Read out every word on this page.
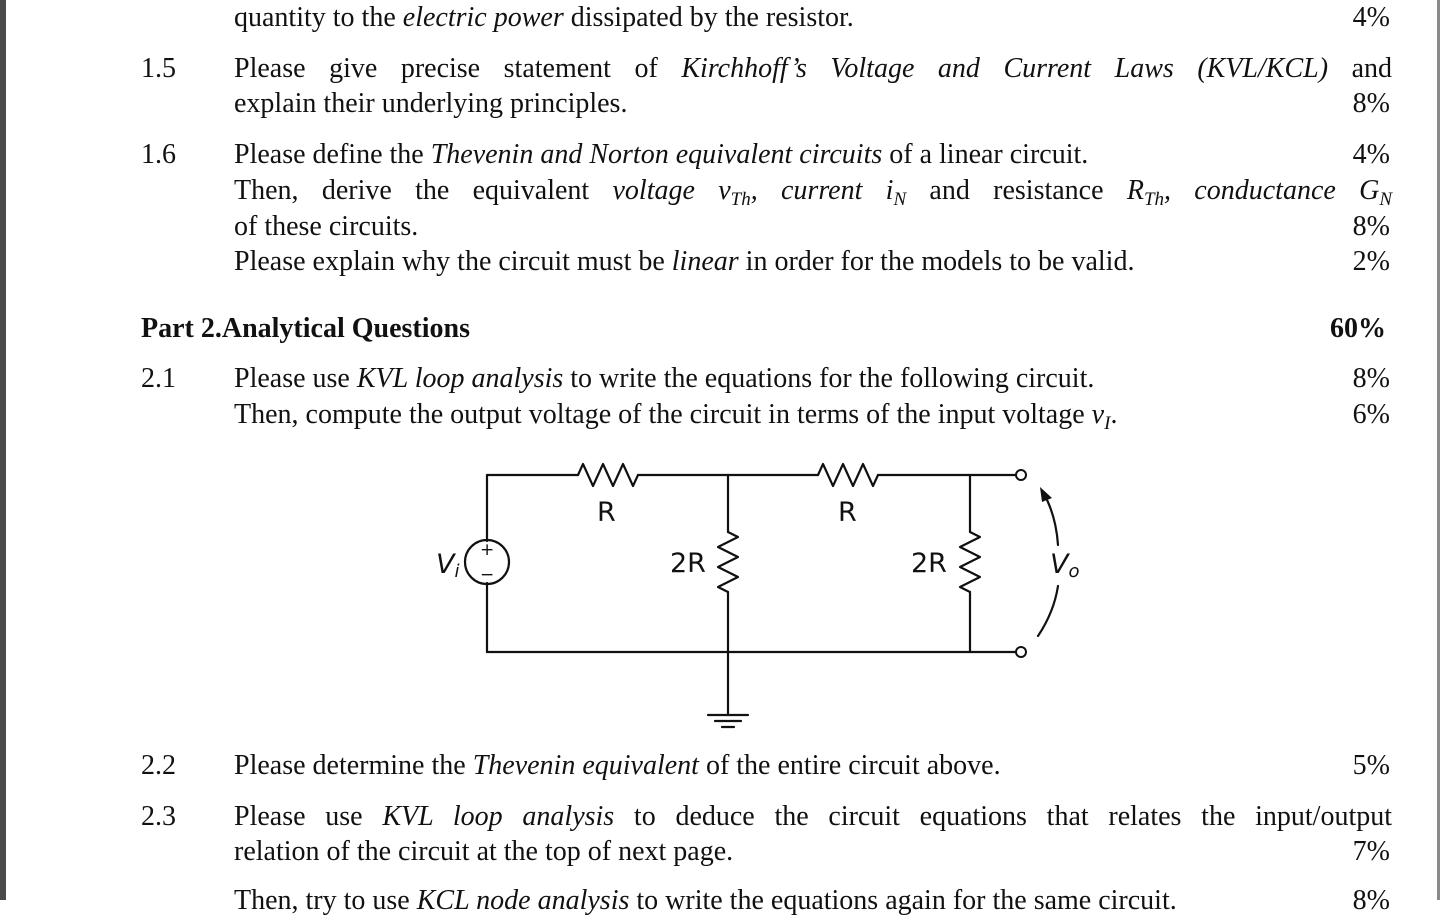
quantity to the electric power dissipated by the resistor.	4%
1.5 Please give precise statement of Kirchhoff’s Voltage and Current Laws (KVL/KCL) and
explain their underlying principles.	8%
1.6 Please define the Thevenin and Norton equivalent circuits of a linear circuit.	4%
Then, derive the equivalent voltage $v_{Th}$, current $i_N$ and resistance $R_{Th}$, conductance $G_N$
of these circuits.	8%
Please explain why the circuit must be linear in order for the models to be valid.	2%
Part 2.Analytical Questions	60%
2.1 Please use KVL loop analysis to write the equations for the following circuit.	8%
Then, compute the output voltage of the circuit in terms of the input voltage $v_I$.	6%
R	R
2R	2R
+
−
Vi	Vo
2.2 Please determine the Thevenin equivalent of the entire circuit above.	5%
2.3 Please use KVL loop analysis to deduce the circuit equations that relates the input/output
relation of the circuit at the top of next page.	7%
Then, try to use KCL node analysis to write the equations again for the same circuit.	8%
